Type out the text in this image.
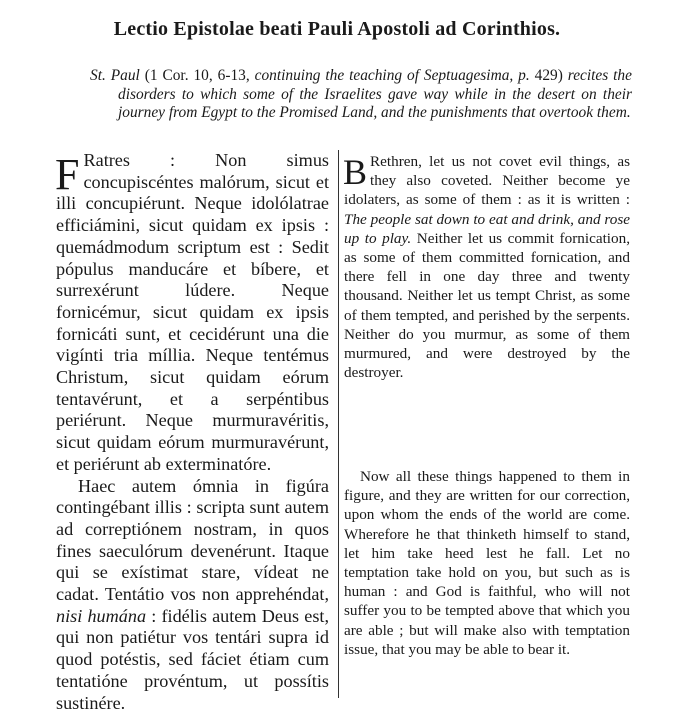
Lectio Epistolae beati Pauli Apostoli ad Corinthios.

St. Paul (1 Cor. 10, 6-13, continuing the teaching of Septuagesima, p. 429) recites the disorders to which some of the Israelites gave way while in the desert on their journey from Egypt to the Promised Land, and the punishments that overtook them.

F Ratres : Non simus concupiscéntes malórum, sicut et illi concupiérunt. Neque idolólatrae efficiámini, sicut quidam ex ipsis : quemádmodum scriptum est : Sedit pópulus manducáre et bíbere, et surrexérunt lúdere. Neque fornicémur, sicut quidam ex ipsis fornicáti sunt, et cecidérunt una die vigínti tria míllia. Neque tentémus Christum, sicut quidam eórum tentavérunt, et a serpéntibus periérunt. Neque murmuravéritis, sicut quidam eórum murmuravérunt, et periérunt ab exterminatóre.

Haec autem ómnia in figúra contingébant illis : scripta sunt autem ad correptiónem nostram, in quos fines saeculórum devenérunt. Itaque qui se exístimat stare, vídeat ne cadat. Tentátio vos non apprehéndat, nisi humána : fidélis autem Deus est, qui non patiétur vos tentári supra id quod potéstis, sed fáciet étiam cum tentatióne provéntum, ut possítis sustinére.

B Rethren, let us not covet evil things, as they also coveted. Neither become ye idolaters, as some of them : as it is written : The people sat down to eat and drink, and rose up to play. Neither let us commit fornication, as some of them committed fornication, and there fell in one day three and twenty thousand. Neither let us tempt Christ, as some of them tempted, and perished by the serpents. Neither do you murmur, as some of them murmured, and were destroyed by the destroyer.

Now all these things happened to them in figure, and they are written for our correction, upon whom the ends of the world are come. Wherefore he that thinketh himself to stand, let him take heed lest he fall. Let no temptation take hold on you, but such as is human : and God is faithful, who will not suffer you to be tempted above that which you are able ; but will make also with temptation issue, that you may be able to bear it.
